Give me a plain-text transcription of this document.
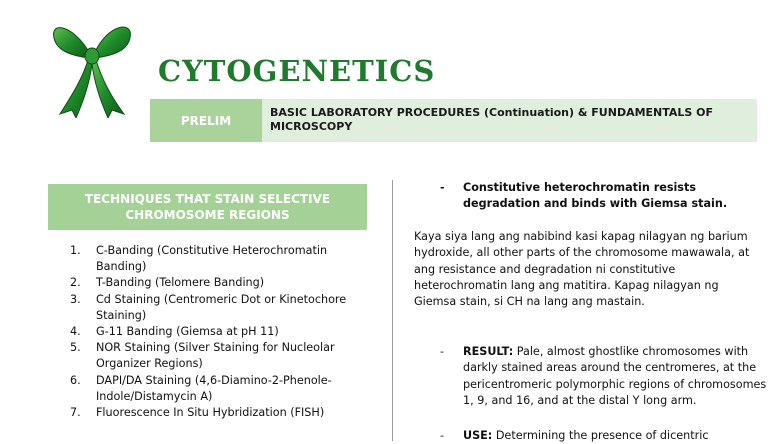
CYTOGENETICS
PRELIM
BASIC LABORATORY PROCEDURES (Continuation) & FUNDAMENTALS OF MICROSCOPY
TECHNIQUES THAT STAIN SELECTIVE CHROMOSOME REGIONS
1. C-Banding (Constitutive Heterochromatin Banding)
2. T-Banding (Telomere Banding)
3. Cd Staining (Centromeric Dot or Kinetochore Staining)
4. G-11 Banding (Giemsa at pH 11)
5. NOR Staining (Silver Staining for Nucleolar Organizer Regions)
6. DAPI/DA Staining (4,6-Diamino-2-Phenole-Indole/Distamycin A)
7. Fluorescence In Situ Hybridization (FISH)
- Constitutive heterochromatin resists degradation and binds with Giemsa stain.
Kaya siya lang ang nabibind kasi kapag nilagyan ng barium hydroxide, all other parts of the chromosome mawawala, at ang resistance and degradation ni constitutive heterochromatin lang ang matitira. Kapag nilagyan ng Giemsa stain, si CH na lang ang mastain.
- RESULT: Pale, almost ghostlike chromosomes with darkly stained areas around the centromeres, at the pericentromeric polymorphic regions of chromosomes 1, 9, and 16, and at the distal Y long arm.
- USE: Determining the presence of dicentric
